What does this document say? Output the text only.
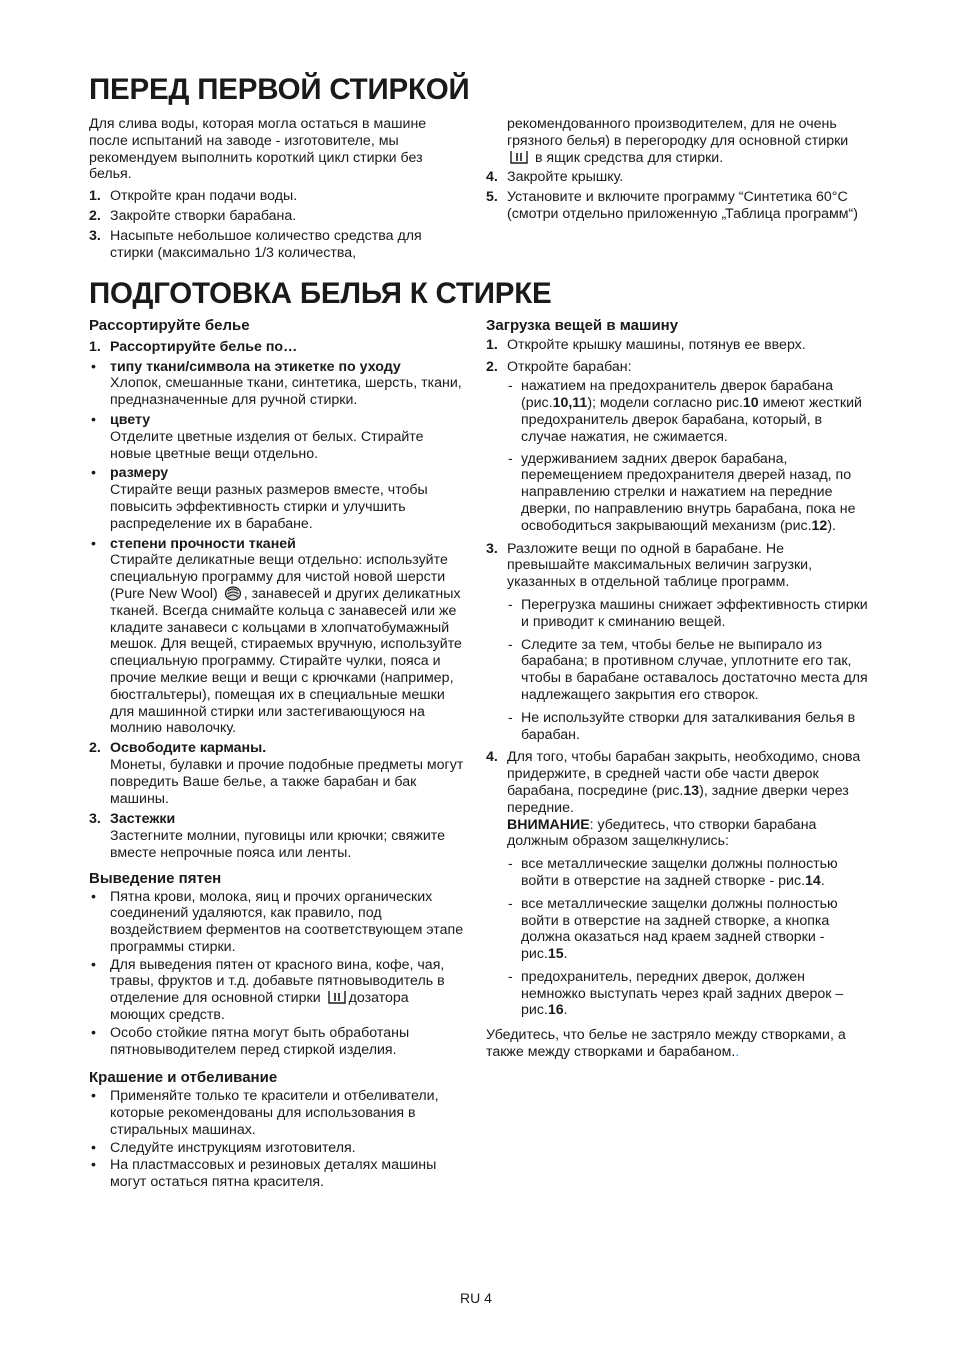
ПЕРЕД ПЕРВОЙ СТИРКОЙ

Для слива воды, которая могла остаться в машине после испытаний на заводе - изготовителе, мы рекомендуем выполнить короткий цикл стирки без белья.

1. Откройте кран подачи воды.
2. Закройте створки барабана.
3. Насыпьте небольшое количество средства для стирки (максимально 1/3 количества,
рекомендованного производителем, для не очень грязного белья) в перегородку для основной стирки  в ящик средства для стирки.
4. Закройте крышку.
5. Установите и включите программу “Синтетика 60°C (смотри отдельно приложенную „Таблица программ“)
ПОДГОТОВКА БЕЛЬЯ К СТИРКЕ
Рассортируйте белье
1. Рассортируйте белье по…
• типу ткани/символа на этикетке по уходу
Хлопок, смешанные ткани, синтетика, шерсть, ткани, предназначенные для ручной стирки.
• цвету
Отделите цветные изделия от белых. Стирайте новые цветные вещи отдельно.
• размеру
Стирайте вещи разных размеров вместе, чтобы повысить эффективность стирки и улучшить распределение их в барабане.
• степени прочности тканей
Стирайте деликатные вещи отдельно: используйте специальную программу для чистой новой шерсти (Pure New Wool) , занавесей и других деликатных тканей. Всегда снимайте кольца с занавесей или же кладите занавеси с кольцами в хлопчатобумажный мешок. Для вещей, стираемых вручную, используйте специальную программу. Стирайте чулки, пояса и прочие мелкие вещи и вещи с крючками (например, бюстгальтеры), помещая их в специальные мешки для машинной стирки или застегивающуюся на молнию наволочку.
2. Освободите карманы.
Монеты, булавки и прочие подобные предметы могут повредить Ваше белье, а также барабан и бак машины.
3. Застежки
Застегните молнии, пуговицы или крючки; свяжите вместе непрочные пояса или ленты.
Выведение пятен
• Пятна крови, молока, яиц и прочих органических соединений удаляются, как правило, под воздействием ферментов на соответствующем этапе программы стирки.
• Для выведения пятен от красного вина, кофе, чая, травы, фруктов и т.д. добавьте пятновыводитель в отделение для основной стирки дозатора моющих средств.
• Особо стойкие пятна могут быть обработаны пятновыводителем перед стиркой изделия.
Крашение и отбеливание
• Применяйте только те красители и отбеливатели, которые рекомендованы для использования в стиральных машинах.
• Следуйте инструкциям изготовителя.
• На пластмассовых и резиновых деталях машины могут остаться пятна красителя.
Загрузка вещей в машину
1. Откройте крышку машины, потянув ее вверх.
2. Откройте барабан:
- нажатием на предохранитель дверок барабана (рис.10,11); модели согласно рис.10 имеют жесткий предохранитель дверок барабана, который, в случае нажатия, не сжимается.
- удерживанием задних дверок барабана, перемещением предохранителя дверей назад, по направлению стрелки и нажатием на передние дверки, по направлению внутрь барабана, пока не освободиться закрывающий механизм (рис.12).
3. Разложите вещи по одной в барабане. Не превышайте максимальных величин загрузки, указанных в отдельной таблице программ.
- Перегрузка машины снижает эффективность стирки и приводит к сминанию вещей.
- Следите за тем, чтобы белье не выпирало из барабана; в противном случае, уплотните его так, чтобы в барабане оставалось достаточно места для надлежащего закрытия его створок.
- Не используйте створки для заталкивания белья в барабан.
4. Для того, чтобы барабан закрыть, необходимо, снова придержите, в средней части обе части дверок барабана, посредине (рис.13), задние дверки через передние.
ВНИМАНИЕ: убедитесь, что створки барабана должным образом защелкнулись:
- все металлические защелки должны полностью войти в отверстие на задней створке - рис.14.
- все металлические защелки должны полностью войти в отверстие на задней створке, а кнопка должна оказаться над краем задней створки - рис.15.
- предохранитель, передних дверок, должен немножко выступать через край задних дверок – рис.16.

Убедитесь, что белье не застряло между створками, а также между створками и барабаном..

RU 4
